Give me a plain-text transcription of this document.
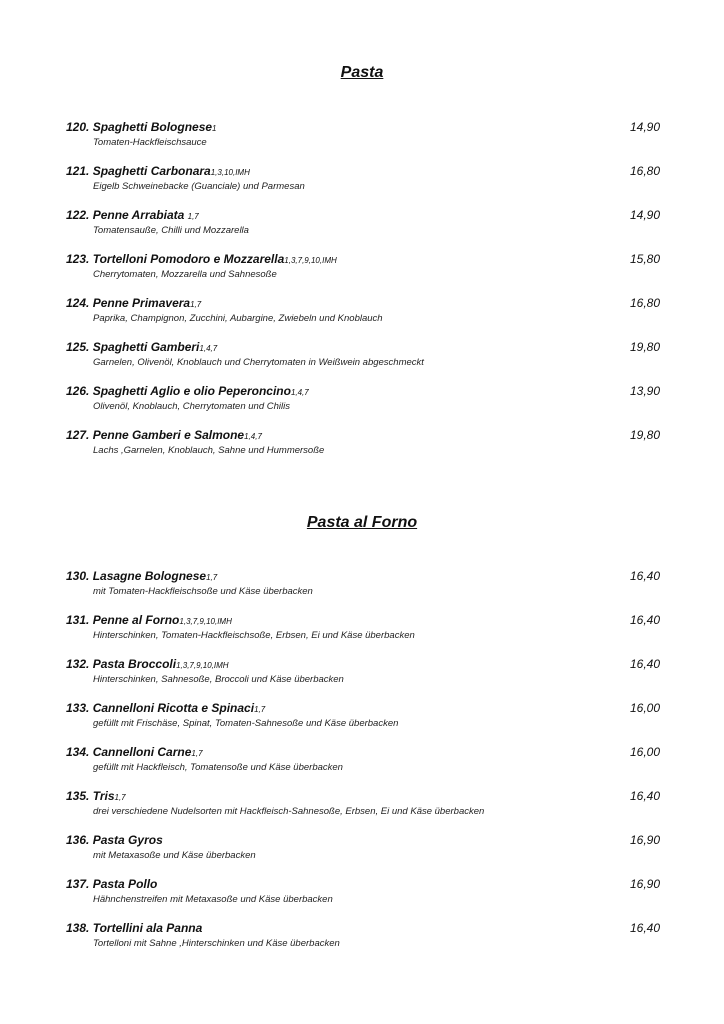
Pasta
120. Spaghetti Bolognese1
Tomaten-Hackfleischsauce
14,90
121. Spaghetti Carbonara1,3,10,IMH
Eigelb Schweinebacke (Guanciale) und Parmesan
16,80
122. Penne Arrabiata 1,7
Tomatensauße, Chilli und Mozzarella
14,90
123. Tortelloni Pomodoro e Mozzarella1,3,7,9,10,IMH
Cherrytomaten, Mozzarella und Sahnesoße
15,80
124. Penne Primavera1,7
Paprika, Champignon, Zucchini, Aubargine, Zwiebeln und Knoblauch
16,80
125. Spaghetti Gamberi1,4,7
Garnelen, Olivenöl, Knoblauch und Cherrytomaten in Weißwein abgeschmeckt
19,80
126. Spaghetti Aglio e olio Peperoncino1,4,7
Olivenöl, Knoblauch, Cherrytomaten und Chilis
13,90
127. Penne Gamberi e Salmone1,4,7
Lachs ,Garnelen, Knoblauch, Sahne und Hummersoße
19,80
Pasta al Forno
130. Lasagne Bolognese1,7
mit Tomaten-Hackfleischsoße und Käse überbacken
16,40
131. Penne al Forno1,3,7,9,10,IMH
Hinterschinken, Tomaten-Hackfleischsoße, Erbsen, Ei und Käse überbacken
16,40
132. Pasta Broccoli1,3,7,9,10,IMH
Hinterschinken, Sahnesoße, Broccoli und Käse überbacken
16,40
133. Cannelloni Ricotta e Spinaci1,7
gefüllt mit Frischäse, Spinat, Tomaten-Sahnesoße und Käse überbacken
16,00
134. Cannelloni Carne1,7
gefüllt mit Hackfleisch, Tomatensoße und Käse überbacken
16,00
135. Tris1,7
drei verschiedene Nudelsorten mit Hackfleisch-Sahnesoße, Erbsen, Ei und Käse überbacken
16,40
136. Pasta Gyros
mit Metaxasoße und Käse überbacken
16,90
137. Pasta Pollo
Hähnchenstreifen mit Metaxasoße und Käse überbacken
16,90
138. Tortellini ala Panna
Tortelloni mit Sahne ,Hinterschinken und Käse überbacken
16,40
